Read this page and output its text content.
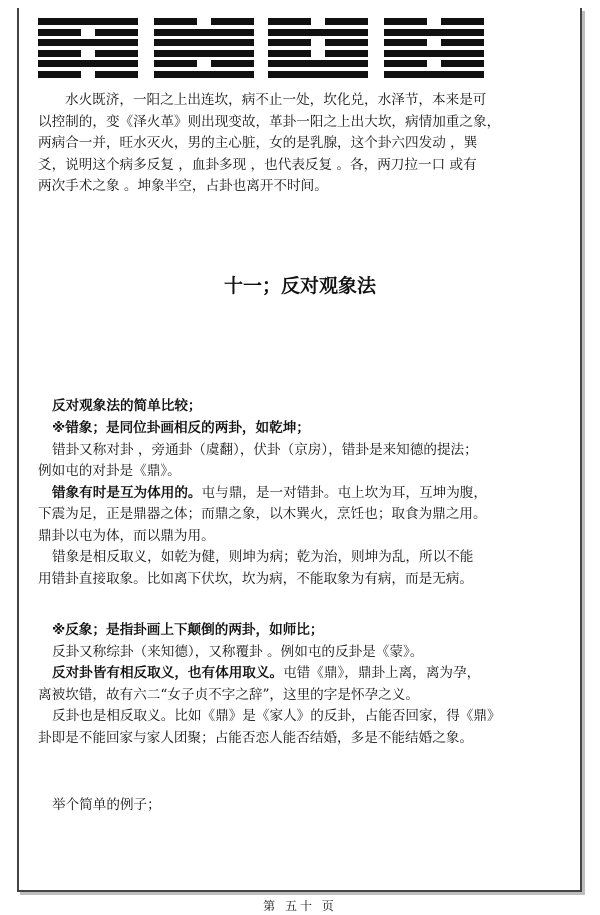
水火既济，一阳之上出连坎，病不止一处，坎化兑，水泽节，本来是可
以控制的，变《泽火革》则出现变故，革卦一阳之上出大坎，病情加重之象，
两病合一并，旺水灭火，男的主心脏，女的是乳腺，这个卦六四发动 ，巽
爻，说明这个病多反复 ，血卦多现 ，也代表反复 。各，两刀拉一口 或有
两次手术之象 。坤象半空，占卦也离开不时间。

十一；反对观象法

反对观象法的简单比较；

※错象；是同位卦画相反的两卦，如乾坤；
错卦又称对卦 ，旁通卦（虞翻），伏卦（京房），错卦是来知德的提法；
例如屯的对卦是《鼎》。
错象有时是互为体用的。屯与鼎，是一对错卦。屯上坎为耳，互坤为腹，
下震为足，正是鼎器之体；而鼎之象，以木巽火，烹饪也；取食为鼎之用。
鼎卦以屯为体，而以鼎为用。
错象是相反取义，如乾为健，则坤为病；乾为治，则坤为乱，所以不能
用错卦直接取象。比如离下伏坎，坎为病，不能取象为有病，而是无病。

※反象；是指卦画上下颠倒的两卦，如师比；
反卦又称综卦（来知德），又称覆卦 。例如屯的反卦是《蒙》。
反对卦皆有相反取义，也有体用取义。屯错《鼎》，鼎卦上离，离为孕，
离被坎错，故有六二“女子贞不字之辞”，这里的字是怀孕之义。
反卦也是相反取义。比如《鼎》是《家人》的反卦，占能否回家，得《鼎》
卦即是不能回家与家人团聚；占能否恋人能否结婚，多是不能结婚之象。

举个简单的例子；

第 五十 页
